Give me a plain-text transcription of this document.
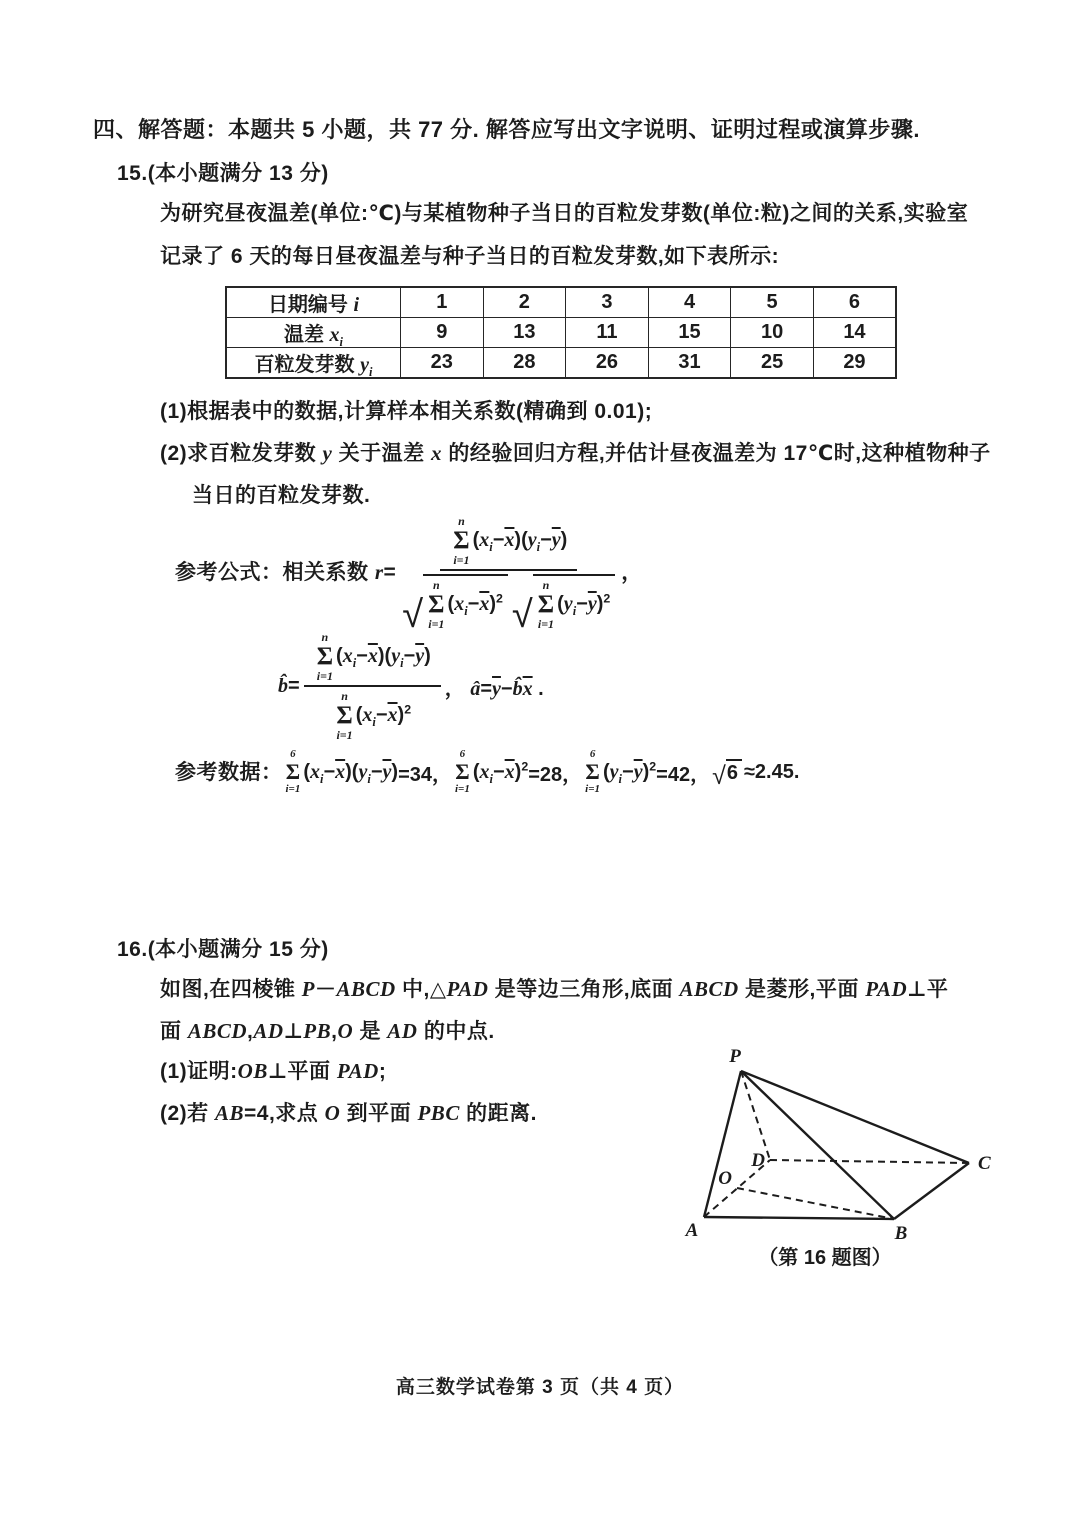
四、解答题：本题共 5 小题，共 77 分. 解答应写出文字说明、证明过程或演算步骤.
15.(本小题满分 13 分)
为研究昼夜温差(单位:℃)与某植物种子当日的百粒发芽数(单位:粒)之间的关系,实验室
记录了 6 天的每日昼夜温差与种子当日的百粒发芽数,如下表所示:
日期编号 i	1	2	3	4	5	6
温差 $x_i$	9	13	11	15	10	14
百粒发芽数 $y_i$	23	28	26	31	25	29
(1)根据表中的数据,计算样本相关系数(精确到 0.01);
(2)求百粒发芽数 y 关于温差 x 的经验回归方程,并估计昼夜温差为 17℃时,这种植物种子
当日的百粒发芽数.
参考公式： 相关系数 r=
n
Σ
i=1
$(x_i-\overline{x})(y_i-\overline{y})$
√
n
Σ
i=1
$(x_i-\overline{x})^2$ √
n
Σ
i=1
$(y_i-\overline{y})^2$
，
b̂= n
Σ
i=1
$(x_i-\overline{x})(y_i-\overline{y})$
n
Σ
i=1
$(x_i-\overline{x})^2$ ， $â=\overline{y}-b̂\overline{x}$ .
参考数据：
6
Σ
i=1
$(x_i-\overline{x})(y_i-\overline{y}) =34$，
6
Σ
i=1
$(x_i-\overline{x})^2 =28$，
6
Σ
i=1
$(y_i-\overline{y})^2 =42$， √ 6 ≈2.45.
16.(本小题满分 15 分)
如图,在四棱锥 P－ABCD 中,△PAD 是等边三角形,底面 ABCD 是菱形,平面 PAD⊥平
面 ABCD,AD⊥PB,O 是 AD 的中点.
(1)证明:OB⊥平面 PAD;
(2)若 AB=4,求点 O 到平面 PBC 的距离.
P
A	B
C
D
O
（第 16 题图）
高三数学试卷第 3 页（共 4 页）
